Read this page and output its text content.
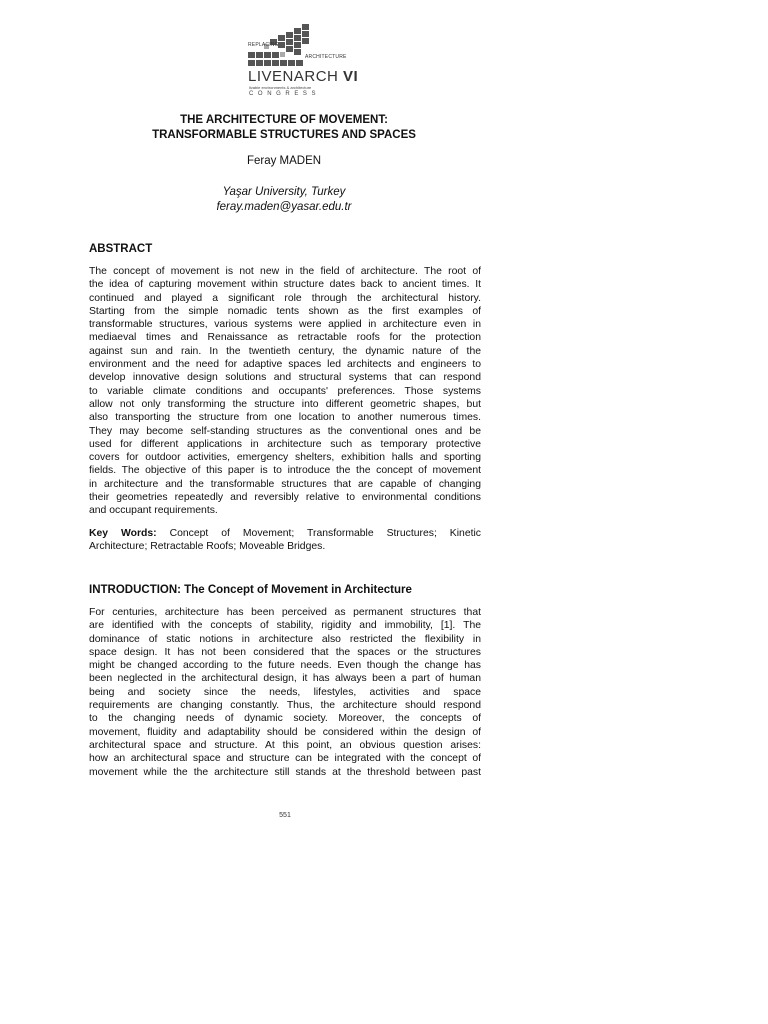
REPLACING
ARCHITECTURE
LIVENARCH VI
livable environments & architecture
CONGRESS
THE ARCHITECTURE OF MOVEMENT:
TRANSFORMABLE STRUCTURES AND SPACES
Feray MADEN
Yaşar University, Turkey
feray.maden@yasar.edu.tr
ABSTRACT
The concept of movement is not new in the field of architecture. The root of
the idea of capturing movement within structure dates back to ancient times. It
continued and played a significant role through the architectural history.
Starting from the simple nomadic tents shown as the first examples of
transformable structures, various systems were applied in architecture even in
mediaeval times and Renaissance as retractable roofs for the protection
against sun and rain. In the twentieth century, the dynamic nature of the
environment and the need for adaptive spaces led architects and engineers to
develop innovative design solutions and structural systems that can respond
to variable climate conditions and occupants' preferences. Those systems
allow not only transforming the structure into different geometric shapes, but
also transporting the structure from one location to another numerous times.
They may become self-standing structures as the conventional ones and be
used for different applications in architecture such as temporary protective
covers for outdoor activities, emergency shelters, exhibition halls and sporting
fields. The objective of this paper is to introduce the the concept of movement
in architecture and the transformable structures that are capable of changing
their geometries repeatedly and reversibly relative to environmental conditions
and occupant requirements.
Key Words: Concept of Movement; Transformable Structures; Kinetic
Architecture; Retractable Roofs; Moveable Bridges.
INTRODUCTION: The Concept of Movement in Architecture
For centuries, architecture has been perceived as permanent structures that
are identified with the concepts of stability, rigidity and immobility, [1]. The
dominance of static notions in architecture also restricted the flexibility in
space design. It has not been considered that the spaces or the structures
might be changed according to the future needs. Even though the change has
been neglected in the architectural design, it has always been a part of human
being and society since the needs, lifestyles, activities and space
requirements are changing constantly. Thus, the architecture should respond
to the changing needs of dynamic society. Moreover, the concepts of
movement, fluidity and adaptability should be considered within the design of
architectural space and structure. At this point, an obvious question arises:
how an architectural space and structure can be integrated with the concept of
movement while the the architecture still stands at the threshold between past
551
